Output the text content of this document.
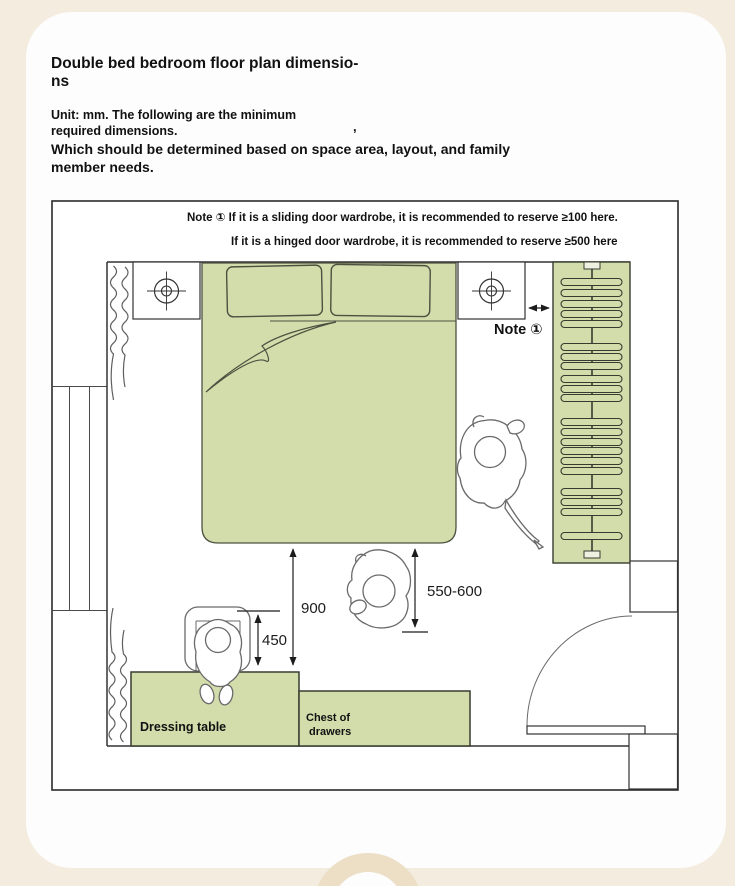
Double bed bedroom floor plan dimensio-
ns
Unit: mm. The following are the minimum
required dimensions.	,
Which should be determined based on space area, layout, and family
member needs.
Note ① If it is a sliding door wardrobe, it is recommended to reserve ≥100 here.
If it is a hinged door wardrobe, it is recommended to reserve ≥500 here
Note ①
900
450
550-600
Dressing table
Chest of
drawers
